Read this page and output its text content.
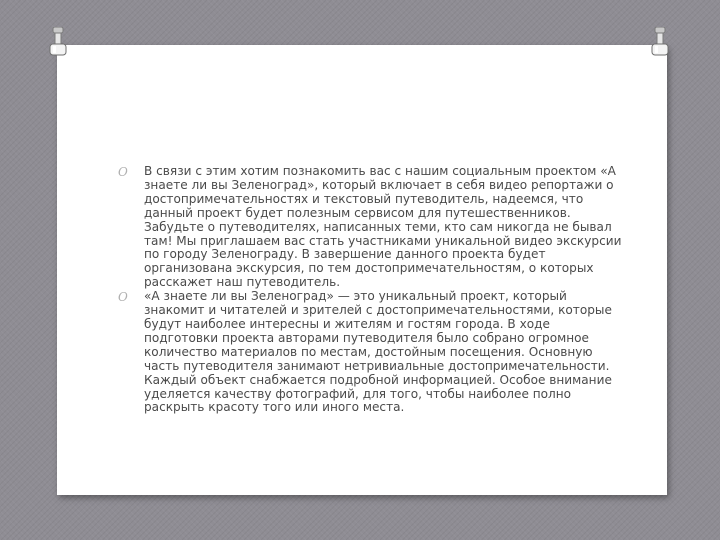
O В связи с этим хотим познакомить вас с нашим социальным проектом «А знаете ли вы Зеленоград», который включает в себя видео репортажи о достопримечательностях и текстовый путеводитель, надеемся, что данный проект будет полезным сервисом для путешественников. Забудьте о путеводителях, написанных теми, кто сам никогда не бывал там! Мы приглашаем вас стать участниками уникальной видео экскурсии по городу Зеленограду. В завершение данного проекта будет организована экскурсия, по тем достопримечательностям, о которых расскажет наш путеводитель.
O «А знаете ли вы Зеленоград» — это уникальный проект, который знакомит и читателей и зрителей с достопримечательностями, которые будут наиболее интересны и жителям и гостям города. В ходе подготовки проекта авторами путеводителя было собрано огромное количество материалов по местам, достойным посещения. Основную часть путеводителя занимают нетривиальные достопримечательности. Каждый объект снабжается подробной информацией. Особое внимание уделяется качеству фотографий, для того, чтобы наиболее полно раскрыть красоту того или иного места.
